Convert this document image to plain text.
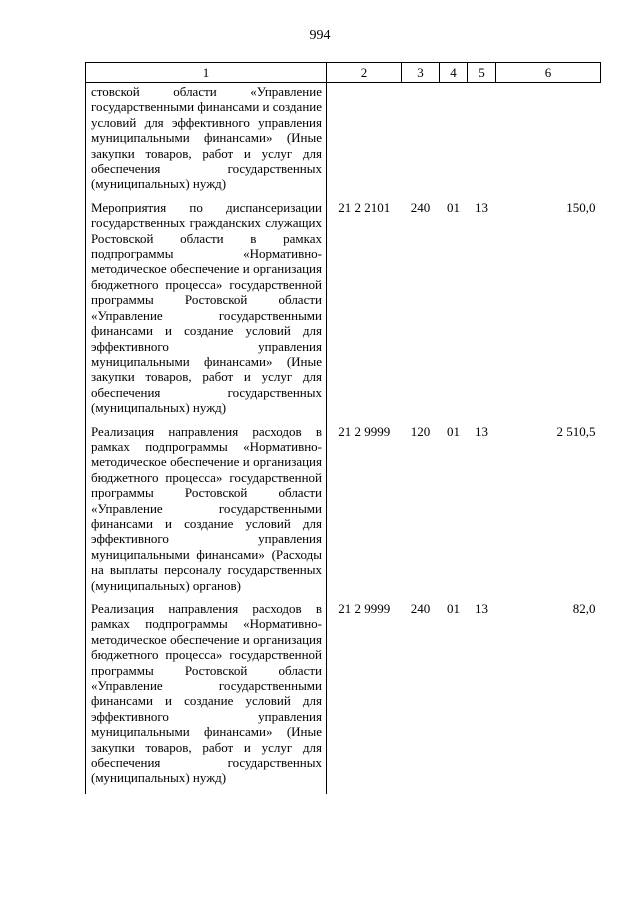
994
1	2	3	4	5	6
стовской области «Управление государственными финансами и создание условий для эффективного управления муниципальными финансами» (Иные закупки товаров, работ и услуг для обеспечения государственных (муниципальных) нужд)					
Мероприятия по диспансеризации государственных гражданских служащих Ростовской области в рамках подпрограммы «Нормативно-методическое обеспечение и организация бюджетного процесса» государственной программы Ростовской области «Управление государственными финансами и создание условий для эффективного управления муниципальными финансами» (Иные закупки товаров, работ и услуг для обеспечения государственных (муниципальных) нужд)	21 2 2101	240	01	13	150,0
Реализация направления расходов в рамках подпрограммы «Нормативно-методическое обеспечение и организация бюджетного процесса» государственной программы Ростовской области «Управление государственными финансами и создание условий для эффективного управления муниципальными финансами» (Расходы на выплаты персоналу государственных (муниципальных) органов)	21 2 9999	120	01	13	2 510,5
Реализация направления расходов в рамках подпрограммы «Нормативно-методическое обеспечение и организация бюджетного процесса» государственной программы Ростовской области «Управление государственными финансами и создание условий для эффективного управления муниципальными финансами» (Иные закупки товаров, работ и услуг для обеспечения государственных (муниципальных) нужд)	21 2 9999	240	01	13	82,0
